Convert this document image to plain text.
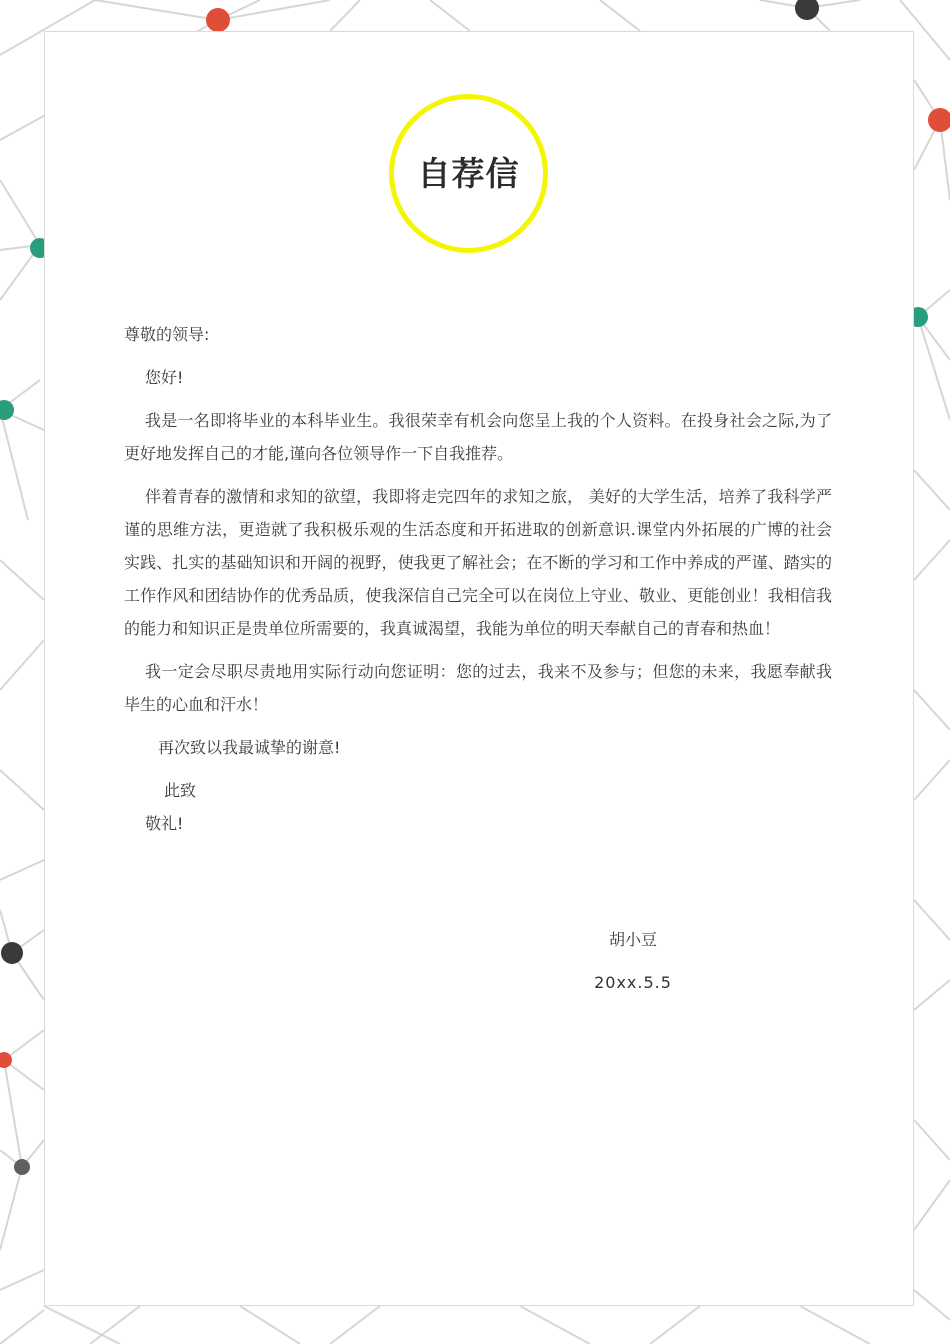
自荐信

尊敬的领导:

您好!

我是一名即将毕业的本科毕业生。我很荣幸有机会向您呈上我的个人资料。在投身社会之际,为了更好地发挥自己的才能,谨向各位领导作一下自我推荐。

伴着青春的激情和求知的欲望，我即将走完四年的求知之旅， 美好的大学生活，培养了我科学严谨的思维方法，更造就了我积极乐观的生活态度和开拓进取的创新意识.课堂内外拓展的广博的社会实践、扎实的基础知识和开阔的视野，使我更了解社会；在不断的学习和工作中养成的严谨、踏实的工作作风和团结协作的优秀品质，使我深信自己完全可以在岗位上守业、敬业、更能创业！我相信我的能力和知识正是贵单位所需要的，我真诚渴望，我能为单位的明天奉献自己的青春和热血！

我一定会尽职尽责地用实际行动向您证明：您的过去，我来不及参与；但您的未来，我愿奉献我毕生的心血和汗水！

再次致以我最诚挚的谢意!

此致

敬礼!

胡小豆
20xx.5.5
